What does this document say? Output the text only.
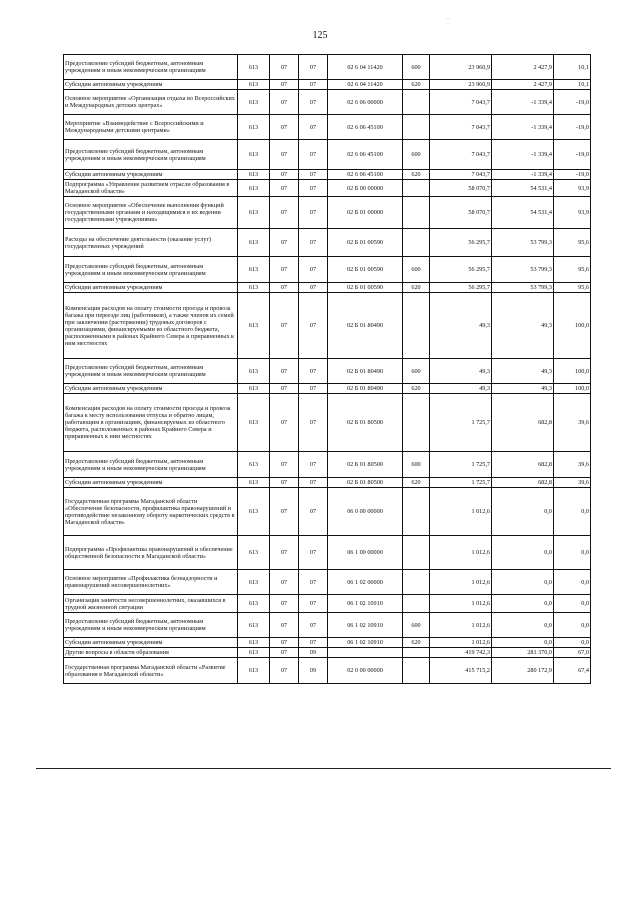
125
-
Предоставление субсидий бюджетным, автономным учреждениям и иным некоммерческим организациям	613	07	07	02 6 04 11420	600	23 960,9	2 427,9	10,1
Субсидии автономным учреждениям	613	07	07	02 6 04 11420	620	23 960,9	2 427,9	10,1
Основное мероприятие «Организация отдыха во Всероссийских и Международных детских центрах»	613	07	07	02 6 06 00000		7 043,7	-1 339,4	-19,0
Мероприятие «Взаимодействие с Всероссийскими и Международными детскими центрами»	613	07	07	02 6 06 45100		7 043,7	-1 339,4	-19,0
Предоставление субсидий бюджетным, автономным учреждениям и иным некоммерческим организациям	613	07	07	02 6 06 45100	600	7 043,7	-1 339,4	-19,0
Субсидии автономным учреждениям	613	07	07	02 6 06 45100	620	7 043,7	-1 339,4	-19,0
Подпрограмма «Управление развитием отрасли образования в Магаданской области»	613	07	07	02 Б 00 00000		58 070,7	54 531,4	93,9
Основное мероприятие «Обеспечение выполнения функций государственными органами и находящимися в их ведении государственными учреждениями»	613	07	07	02 Б 01 00000		58 070,7	54 531,4	93,9
Расходы на обеспечение деятельности (оказание услуг) государственных учреждений	613	07	07	02 Б 01 00590		56 295,7	53 799,3	95,6
Предоставление субсидий бюджетным, автономным учреждениям и иным некоммерческим организациям	613	07	07	02 Б 01 00590	600	56 295,7	53 799,3	95,6
Субсидии автономным учреждениям	613	07	07	02 Б 01 00590	620	56 295,7	53 799,3	95,6
Компенсация расходов на оплату стоимости проезда и провоза багажа при переезде лиц (работников), а также членов их семей при заключении (расторжении) трудовых договоров с организациями, финансируемыми из областного бюджета, расположенными в районах Крайнего Севера и приравненных к ним местностях	613	07	07	02 Б 01 80490		49,3	49,3	100,0
Предоставление субсидий бюджетным, автономным учреждениям и иным некоммерческим организациям	613	07	07	02 Б 01 80490	600	49,3	49,3	100,0
Субсидии автономным учреждениям	613	07	07	02 Б 01 80490	620	49,3	49,3	100,0
Компенсация расходов на оплату стоимости проезда и провоза багажа к месту использования отпуска и обратно лицам, работающим в организациях, финансируемых из областного бюджета, расположенных в районах Крайнего Севера и приравненных к ним местностях	613	07	07	02 Б 01 80500		1 725,7	682,8	39,6
Предоставление субсидий бюджетным, автономным учреждениям и иным некоммерческим организациям	613	07	07	02 Б 01 80500	600	1 725,7	682,8	39,6
Субсидии автономным учреждениям	613	07	07	02 Б 01 80500	620	1 725,7	682,8	39,6
Государственная программа Магаданской области «Обеспечение безопасности, профилактика правонарушений и противодействие незаконному обороту наркотических средств в Магаданской области»	613	07	07	06 0 00 00000		1 012,6	0,0	0,0
Подпрограмма «Профилактика правонарушений и обеспечение общественной безопасности в Магаданской области»	613	07	07	06 1 00 00000		1 012,6	0,0	0,0
Основное мероприятие «Профилактика безнадзорности и правонарушений несовершеннолетних»	613	07	07	06 1 02 00000		1 012,6	0,0	0,0
Организация занятости несовершеннолетних, оказавшихся в трудной жизненной ситуации	613	07	07	06 1 02 10910		1 012,6	0,0	0,0
Предоставление субсидий бюджетным, автономным учреждениям и иным некоммерческим организациям	613	07	07	06 1 02 10910	600	1 012,6	0,0	0,0
Субсидии автономным учреждениям	613	07	07	06 1 02 10910	620	1 012,6	0,0	0,0
Другие вопросы в области образования	613	07	09			419 742,3	281 370,0	67,0
Государственная программа Магаданской области «Развитие образования в Магаданской области»	613	07	09	02 0 00 00000		415 715,2	280 172,9	67,4
